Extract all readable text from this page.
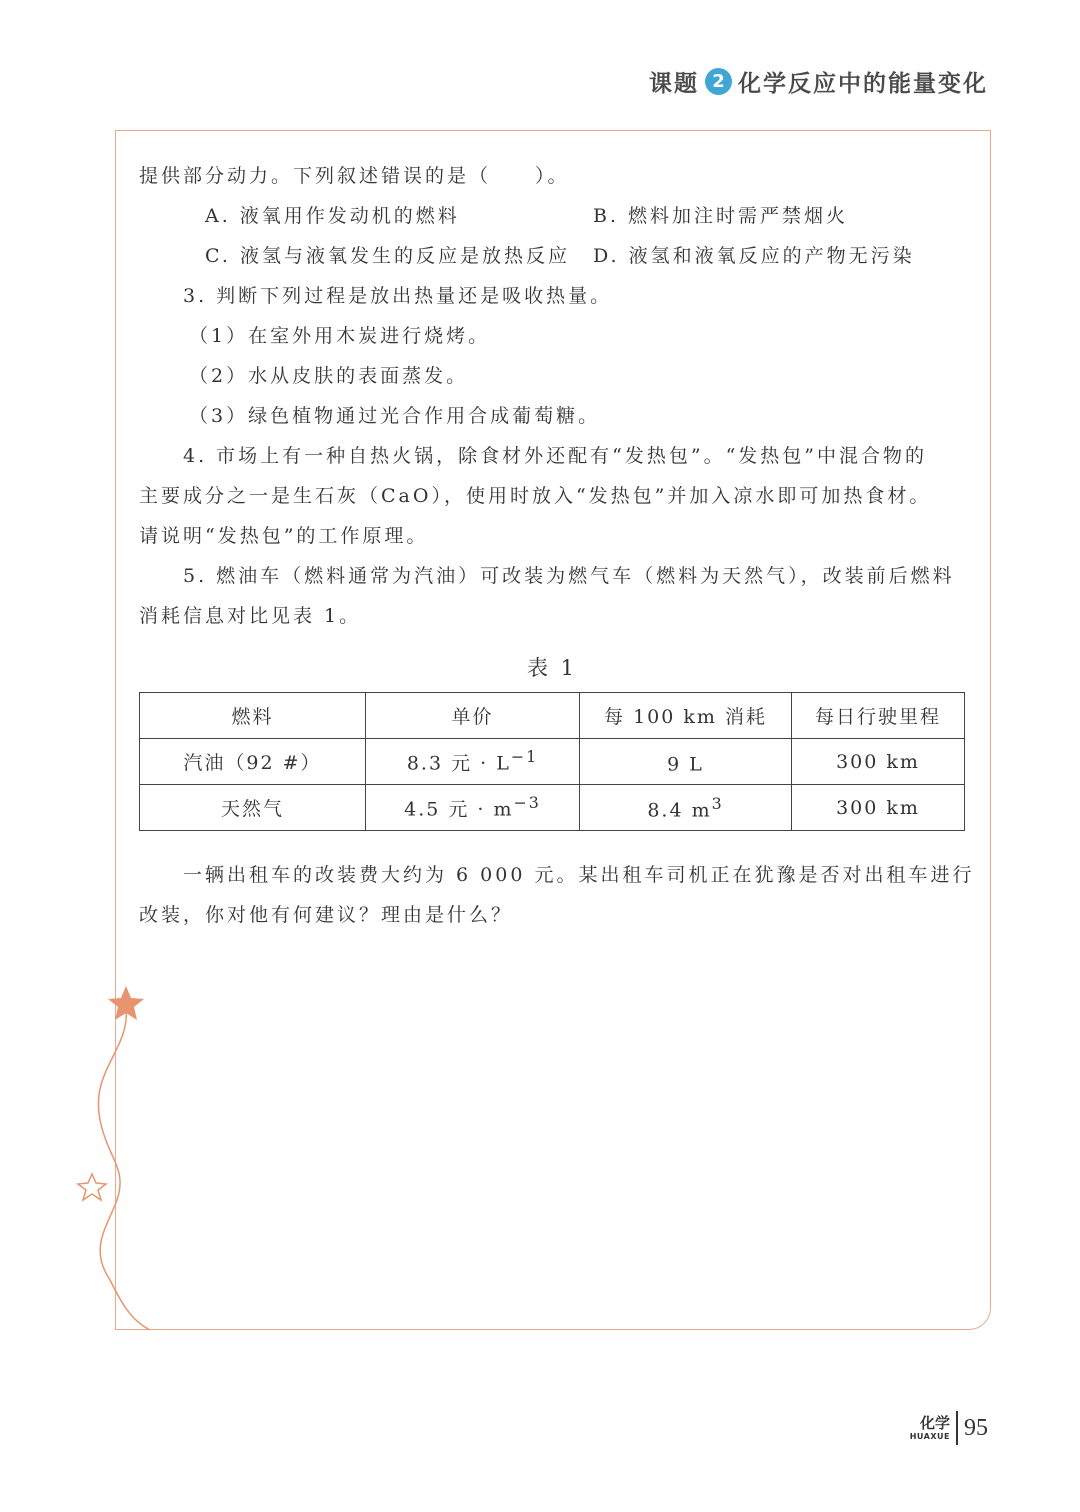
课题 2 化学反应中的能量变化
提供部分动力。下列叙述错误的是（　　）。
A. 液氧用作发动机的燃料	B. 燃料加注时需严禁烟火
C. 液氢与液氧发生的反应是放热反应	D. 液氢和液氧反应的产物无污染
3. 判断下列过程是放出热量还是吸收热量。
（1）在室外用木炭进行烧烤。
（2）水从皮肤的表面蒸发。
（3）绿色植物通过光合作用合成葡萄糖。
4. 市场上有一种自热火锅，除食材外还配有“发热包”。“发热包”中混合物的
主要成分之一是生石灰（CaO），使用时放入“发热包”并加入凉水即可加热食材。
请说明“发热包”的工作原理。
5. 燃油车（燃料通常为汽油）可改装为燃气车（燃料为天然气），改装前后燃料
消耗信息对比见表 1。
表 1
燃料	单价	每 100 km 消耗	每日行驶里程
汽油（92 #）	8.3 元 · $L^{-1}$	9 L	300 km
天然气	4.5 元 · $m^{-3}$	8.4 $m^3$	300 km
一辆出租车的改装费大约为 6 000 元。某出租车司机正在犹豫是否对出租车进行
改装，你对他有何建议？理由是什么？
化学
HUAXUE 95
